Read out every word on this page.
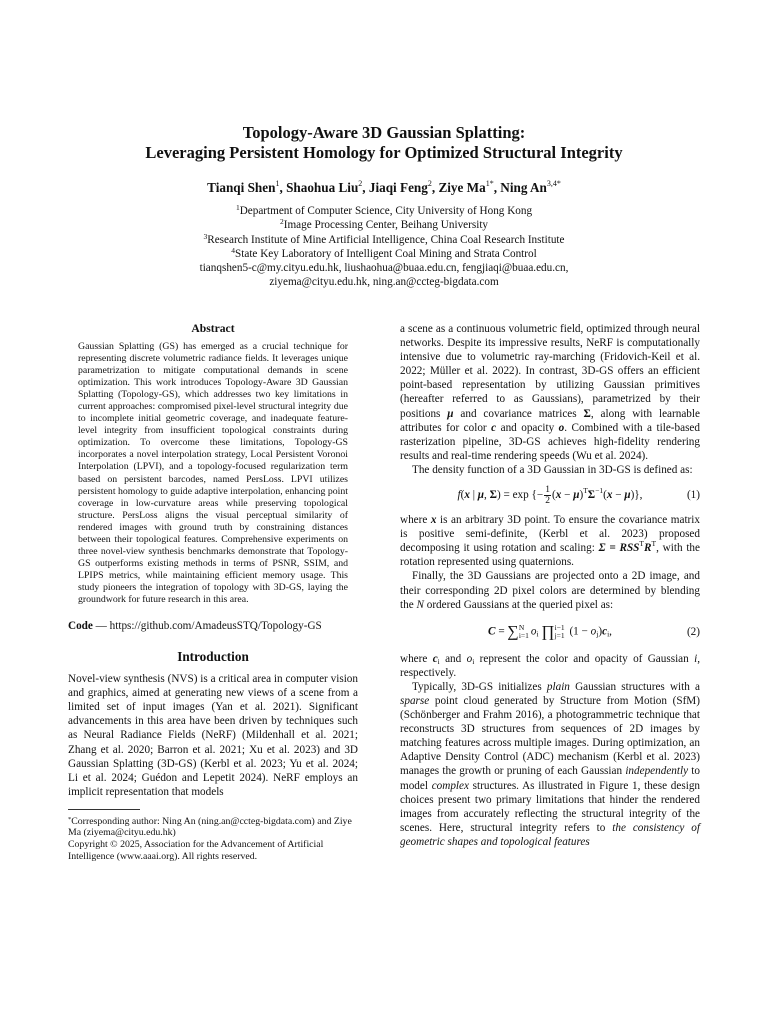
Topology-Aware 3D Gaussian Splatting:
Leveraging Persistent Homology for Optimized Structural Integrity
Tianqi Shen$^1$, Shaohua Liu$^2$, Jiaqi Feng$^2$, Ziye $Ma^{1*}$, Ning $An^{3,4*}$
$^1$Department of Computer Science, City University of Hong Kong
$^2$Image Processing Center, Beihang University
$^3$Research Institute of Mine Artificial Intelligence, China Coal Research Institute
$^4$State Key Laboratory of Intelligent Coal Mining and Strata Control
tianqshen5-c@my.cityu.edu.hk, liushaohua@buaa.edu.cn, fengjiaqi@buaa.edu.cn,
ziyema@cityu.edu.hk, ning.an@ccteg-bigdata.com
Abstract

Gaussian Splatting (GS) has emerged as a crucial technique for representing discrete volumetric radiance fields. It leverages unique parametrization to mitigate computational demands in scene optimization. This work introduces Topology-Aware 3D Gaussian Splatting (Topology-GS), which addresses two key limitations in current approaches: compromised pixel-level structural integrity due to incomplete initial geometric coverage, and inadequate feature-level integrity from insufficient topological constraints during optimization. To overcome these limitations, Topology-GS incorporates a novel interpolation strategy, Local Persistent Voronoi Interpolation (LPVI), and a topology-focused regularization term based on persistent barcodes, named PersLoss. LPVI utilizes persistent homology to guide adaptive interpolation, enhancing point coverage in low-curvature areas while preserving topological structure. PersLoss aligns the visual perceptual similarity of rendered images with ground truth by constraining distances between their topological features. Comprehensive experiments on three novel-view synthesis benchmarks demonstrate that Topology-GS outperforms existing methods in terms of PSNR, SSIM, and LPIPS metrics, while maintaining efficient memory usage. This study pioneers the integration of topology with 3D-GS, laying the groundwork for future research in this area.

Code — https://github.com/AmadeusSTQ/Topology-GS
Introduction

Novel-view synthesis (NVS) is a critical area in computer vision and graphics, aimed at generating new views of a scene from a limited set of input images (Yan et al. 2021). Significant advancements in this area have been driven by techniques such as Neural Radiance Fields (NeRF) (Mildenhall et al. 2021; Zhang et al. 2020; Barron et al. 2021; Xu et al. 2023) and 3D Gaussian Splatting (3D-GS) (Kerbl et al. 2023; Yu et al. 2024; Li et al. 2024; Guédon and Lepetit 2024). NeRF employs an implicit representation that models

*Corresponding author: Ning An (ning.an@ccteg-bigdata.com) and Ziye Ma (ziyema@cityu.edu.hk)

Copyright © 2025, Association for the Advancement of Artificial Intelligence (www.aaai.org). All rights reserved.

a scene as a continuous volumetric field, optimized through neural networks. Despite its impressive results, NeRF is computationally intensive due to volumetric ray-marching (Fridovich-Keil et al. 2022; Müller et al. 2022). In contrast, 3D-GS offers an efficient point-based representation by utilizing Gaussian primitives (hereafter referred to as Gaussians), parametrized by their positions μ and covariance matrices Σ, along with learnable attributes for color c and opacity o. Combined with a tile-based rasterization pipeline, 3D-GS achieves high-fidelity rendering results and real-time rendering speeds (Wu et al. 2024).

The density function of a 3D Gaussian in 3D-GS is defined as:

f(x | μ, Σ) = exp {− $\frac{1}{2} (x - \mu)^T\Sigma^{-1}(x - \mu)$},	(1)

where x is an arbitrary 3D point. To ensure the covariance matrix is positive semi-definite, (Kerbl et al. 2023) proposed decomposing it using rotation and scaling: $\Sigma = RSS^TR^T$, with the rotation represented using quaternions.

Finally, the 3D Gaussians are projected onto a 2D image, and their corresponding 2D pixel colors are determined by blending the N ordered Gaussians at the queried pixel as:

C = ∑ N
i=1 $o_i$ ∏ i−1
j=1 $(1 - o_j)c_i$,	(2)

where $c_i$ and $o_i$ represent the color and opacity of Gaussian i, respectively.

Typically, 3D-GS initializes plain Gaussian structures with a sparse point cloud generated by Structure from Motion (SfM) (Schönberger and Frahm 2016), a photogrammetric technique that reconstructs 3D structures from sequences of 2D images by matching features across multiple images. During optimization, an Adaptive Density Control (ADC) mechanism (Kerbl et al. 2023) manages the growth or pruning of each Gaussian independently to model complex structures. As illustrated in Figure 1, these design choices present two primary limitations that hinder the rendered images from accurately reflecting the structural integrity of the scenes. Here, structural integrity refers to the consistency of geometric shapes and topological features
